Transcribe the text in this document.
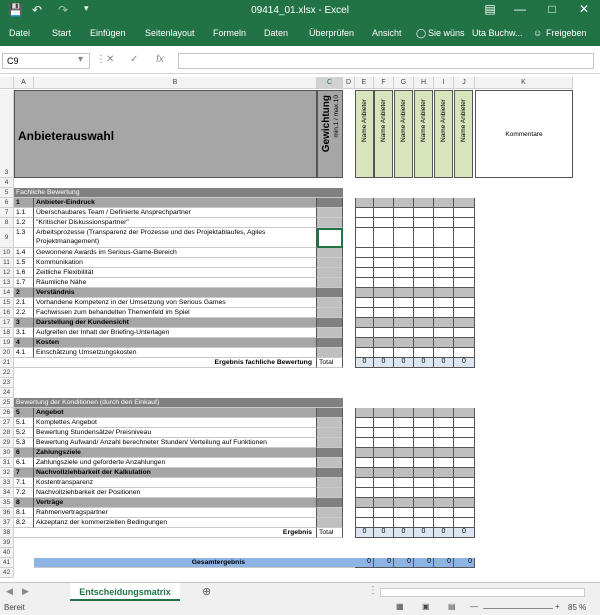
💾 ↶ ↷ ▾	09414_01.xlsx - Excel	▤	—	□	✕
Datei Start Einfügen Seitenlayout Formeln Daten Überprüfen Ansicht ◯ Sie wüns Uta Buchw... ☺ Freigeben
C9	▾ ⋮ ✕ ✓ fx
A	B	C	D	E	F	G	H	I	J	K
3
Anbieterauswahl	Gewichtung min.1 / max.10	Name Anbieter Name Anbieter Name Anbieter Name Anbieter Name Anbieter Name Anbieter	Kommentare
4
5	Fachliche Bewertung
6	1	Anbieter-Eindruck
7	1.1	Überschaubares Team / Definierte Ansprechpartner
8	1.2	"Kritischer Diskussionspartner"
9
1.3	Arbeitsprozesse (Transparenz der Prozesse und des Projektablaufes, Agiles
Projektmanagement)
10 1.4	Gewonnene Awards im Serious-Game-Bereich
11 1.5	Kommunikation
12 1.6	Zeitliche Flexibilität
13 1.7	Räumliche Nähe
14 2	Verständnis
15 2.1	Vorhandene Kompetenz in der Umsetzung von Serious Games
16 2.2	Fachwissen zum behandelten Themenfeld im Spiel
17 3	Darstellung der Kundensicht
18 3.1	Aufgreifen der Inhalt der Briefing-Unterlagen
19 4	Kosten
20 4.1	Einschätzung Umsetzungskosten
21	Ergebnis fachliche Bewertung	Total	0	0	0	0	0	0
22
23
24
25 Bewertung der Konditionen (durch den Einkauf)
26 5	Angebot
27 5.1	Komplettes Angebot
28 5.2	Bewertung Stundensätze/ Preisniveau
29 5.3	Bewertung Aufwand/ Anzahl berechneter Stunden/ Verteilung auf Funktionen
30 6	Zahlungsziele
31 6.1	Zahlungsziele und geforderte Anzahlungen
32 7	Nachvollziehbarkeit der Kalkulation
33 7.1	Kostentransparenz
34 7.2	Nachvollziehbarkeit der Positionen
35 8	Verträge
36 8.1	Rahmenvertragspartner
37 8.2	Akzeptanz der kommerziellen Bedingungen
38	Ergebnis	Total	0	0	0	0	0	0
39
40
41	Gesamtergebnis	0	0	0	0	0	0
42
◀ ▶	Entscheidungsmatrix	⊕	⋮
Bereit	▦ ▣ ▤ —	+ 85 %
